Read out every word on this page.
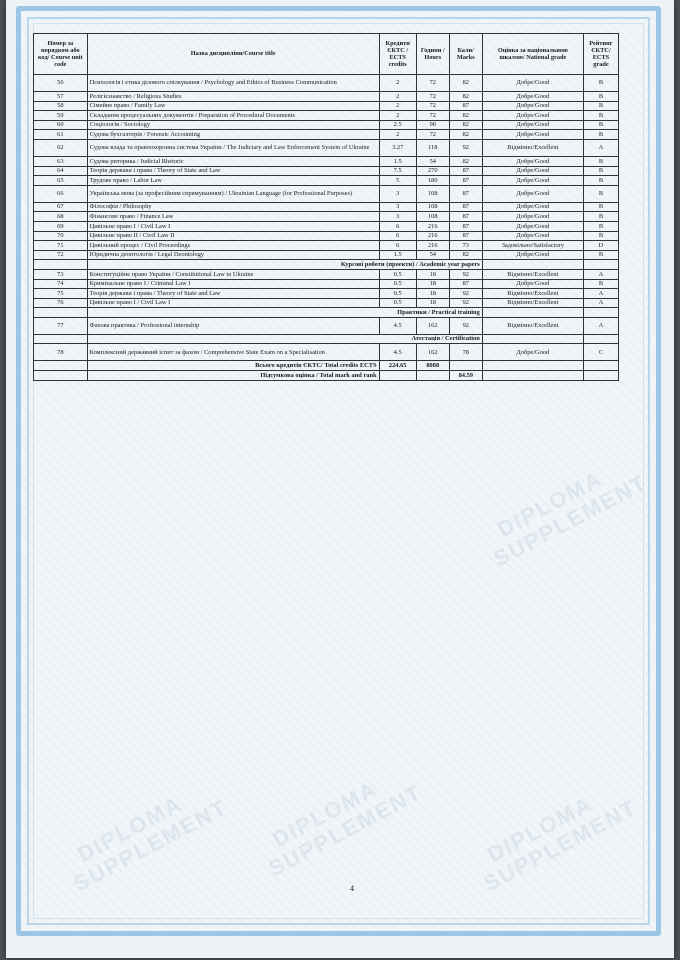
DIPLOMA SUPPLEMENT	DIPLOMA SUPPLEMENT	DIPLOMA SUPPLEMENT
DIPLOMA SUPPLEMENT
Номер за порядком або код/ Course unit code	Назва дисципліни/Course title	Кредити ЄКТС / ECTS credits	Години / Hours	Бали/ Marks	Оцінка за національною шкалою/ National grade	Рейтинг ЄКТС/ ECTS grade
56	Психологія і етика ділового спілкування / Psychology and Ethics of Business Communication	2	72	82	Добре/Good	B
57	Релігієзнавство / Religious Studies	2	72	82	Добре/Good	B
58	Сімейне право / Family Law	2	72	87	Добре/Good	B
59	Складання процесуальних документів / Preparation of Procedural Documents	2	72	82	Добре/Good	B
60	Соціологія / Sociology	2.5	90	82	Добре/Good	B
61	Судова бухгалтерія / Forensic Accounting	2	72	82	Добре/Good	B
62	Судова влада та правоохоронна система України / The Judiciary and Law Enforcement System of Ukraine	3.27	118	92	Відмінно/Excellent	A
63	Судова риторика / Judicial Rhetoric	1.5	54	82	Добре/Good	B
64	Теорія держави і права / Theory of State and Law	7.5	270	87	Добре/Good	B
65	Трудове право / Labor Law	5	180	87	Добре/Good	B
66	Українська мова (за професійним спрямуванням) / Ukrainian Language (for Professional Purposes)	3	108	87	Добре/Good	B
67	Філософія / Philosophy	3	108	87	Добре/Good	B
68	Фінансове право / Finance Law	3	108	87	Добре/Good	B
69	Цивільне право I / Civil Law I	6	216	87	Добре/Good	B
70	Цивільне право II / Civil Law II	6	216	87	Добре/Good	B
71	Цивільний процес / Civil Proceedings	6	216	73	Задовільно/Satisfactory	D
72	Юридична деонтологія / Legal Deontology	1.5	54	82	Добре/Good	B
	Курсові роботи (проекти) / Academic year papers					
73	Конституційне право України / Constitutional Law in Ukraine	0.5	18	92	Відмінно/Excellent	A
74	Кримінальне право I / Criminal Law I	0.5	18	87	Добре/Good	B
75	Теорія держави і права / Theory of State and Law	0.5	18	92	Відмінно/Excellent	A
76	Цивільне право I / Civil Law I	0.5	18	92	Відмінно/Excellent	A
	Практики / Practical training					
77	Фахова практика / Professional internship	4.5	162	92	Відмінно/Excellent	A
	Атестація / Certification					
78	Комплексний державний іспит за фахом / Comprehensive State Exam on a Specialisation	4.5	162	78	Добре/Good	C
	Всього кредитів ЄКТС/ Total credits ECTS	224.65	8088			
	Підсумкова оцінка / Total mark and rank			84.59		
4
